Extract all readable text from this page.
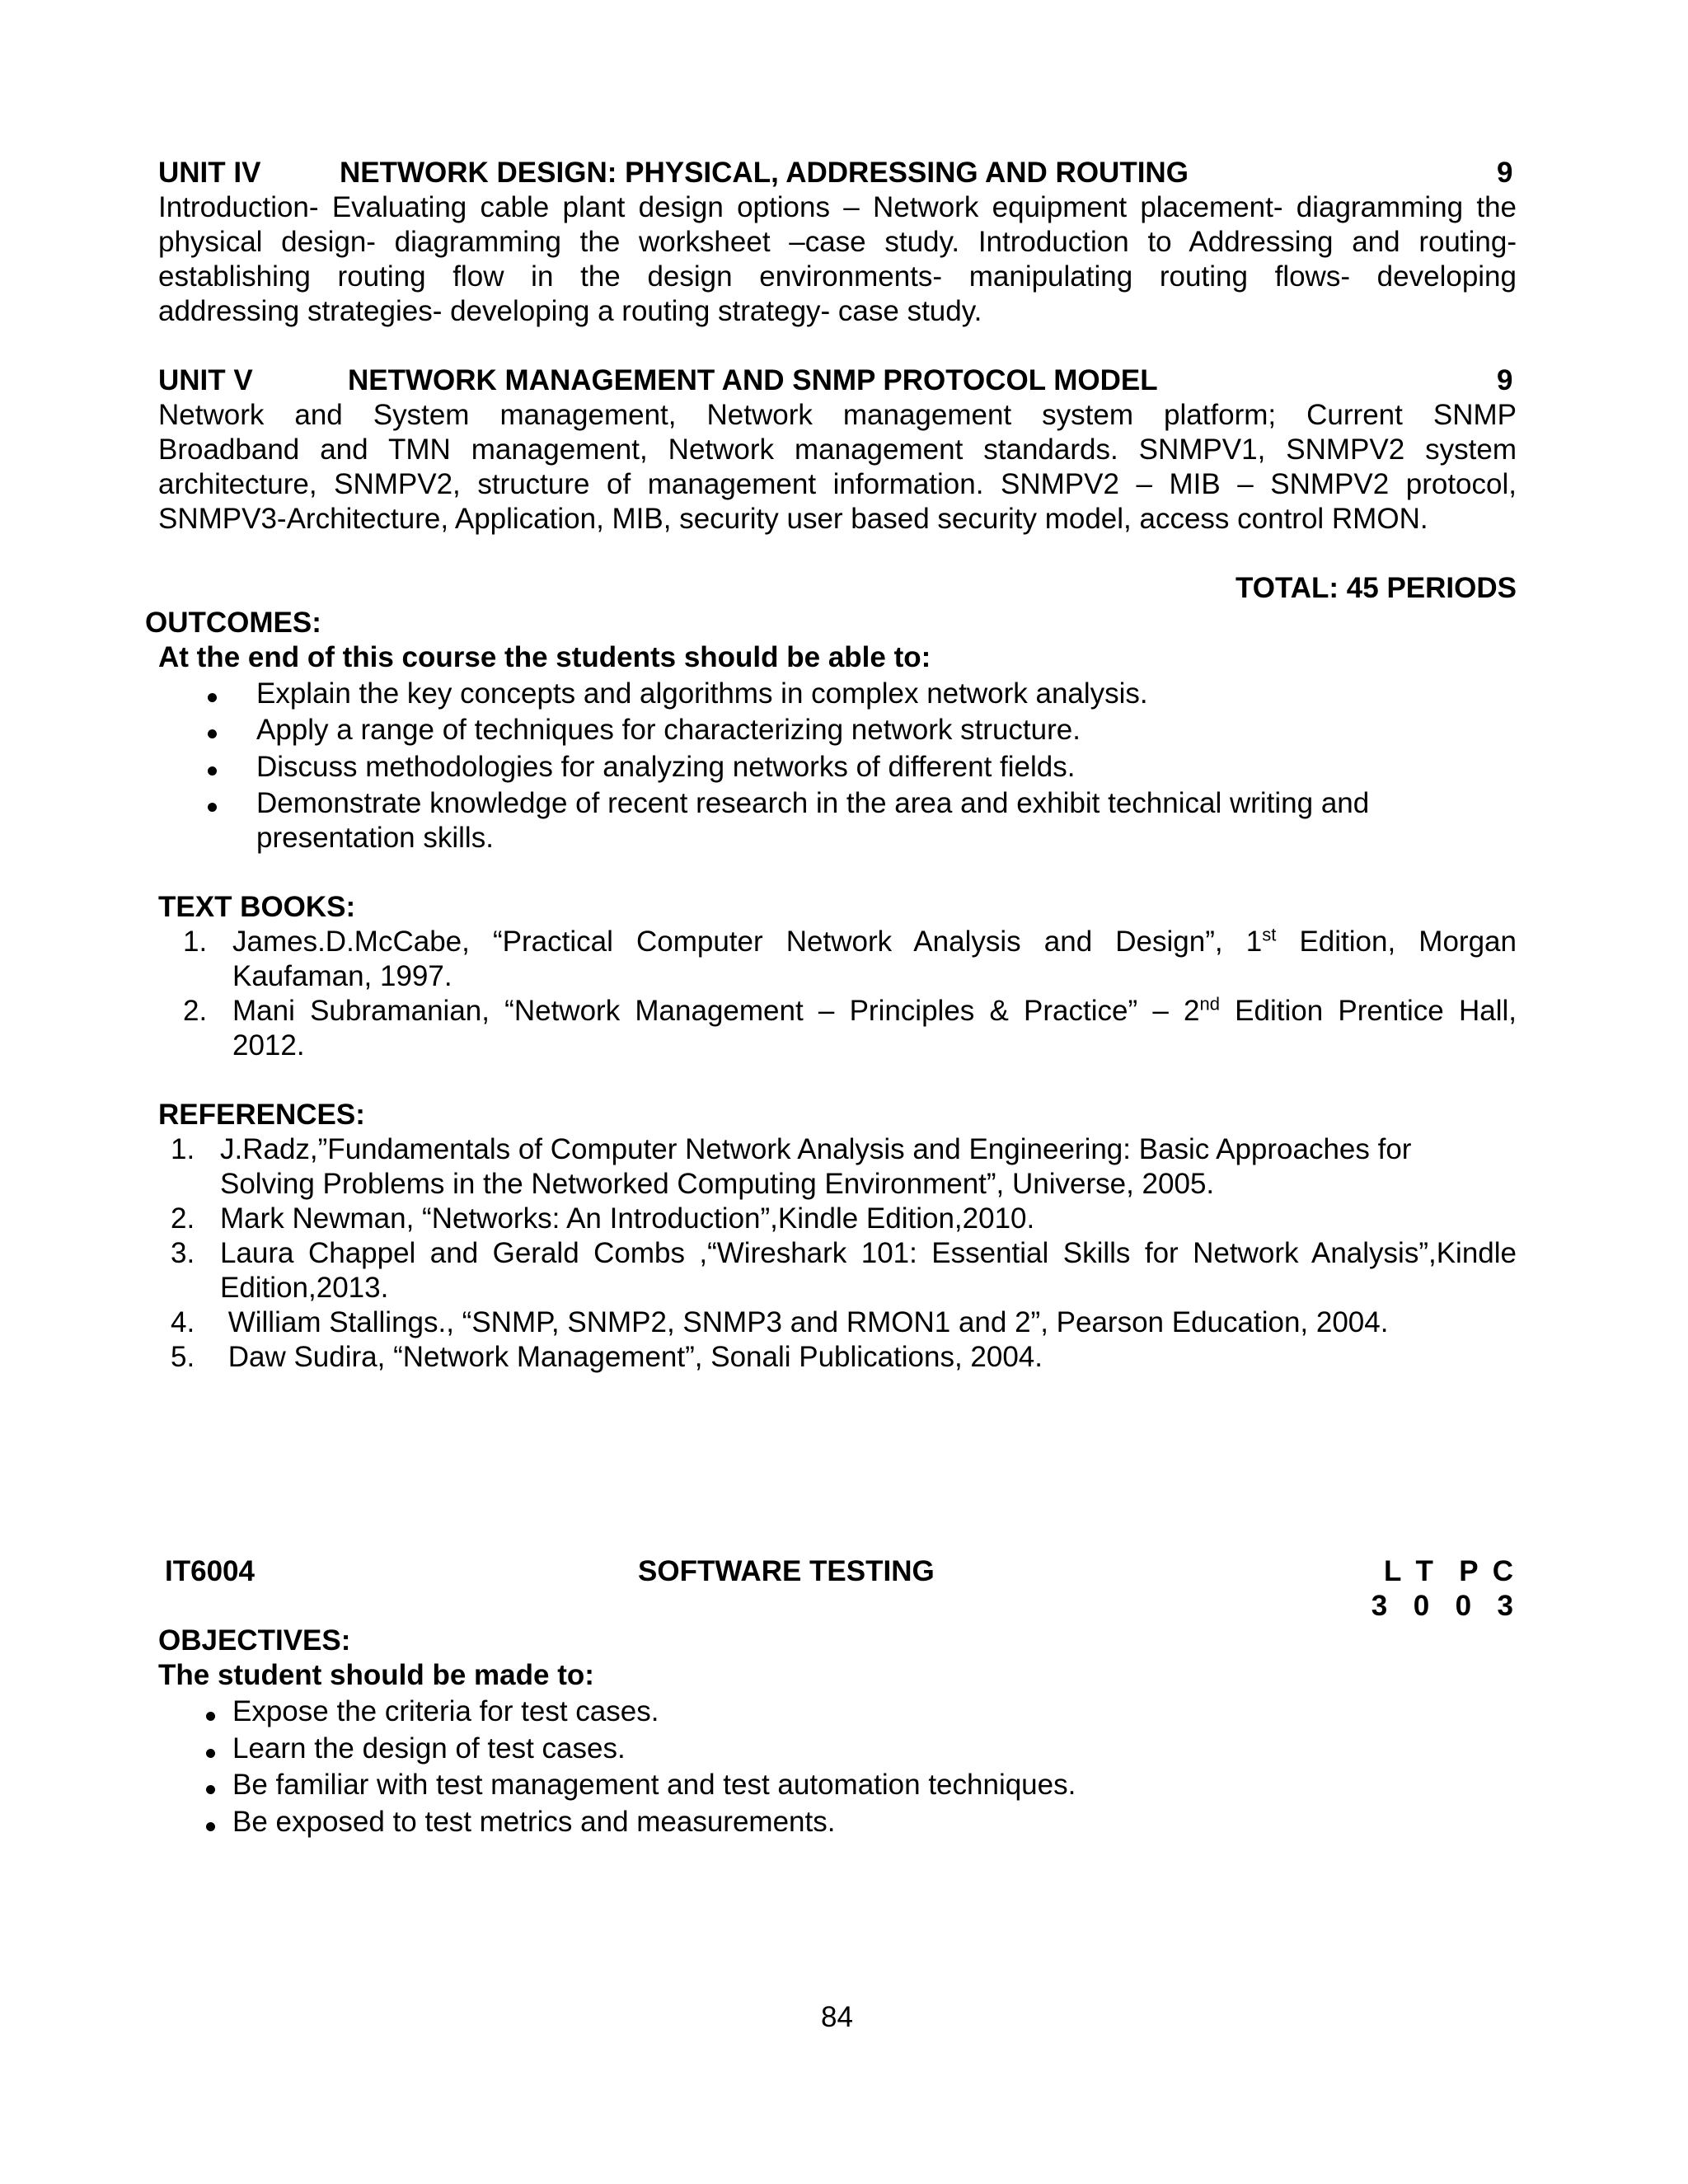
UNIT IV	NETWORK DESIGN: PHYSICAL, ADDRESSING AND ROUTING	9
Introduction- Evaluating cable plant design options – Network equipment placement- diagramming the
physical design- diagramming the worksheet –case study. Introduction to Addressing and routing-
establishing routing flow in the design environments- manipulating routing flows- developing
addressing strategies- developing a routing strategy- case study.
UNIT V	NETWORK MANAGEMENT AND SNMP PROTOCOL MODEL	9
Network and System management, Network management system platform; Current SNMP
Broadband and TMN management, Network management standards. SNMPV1, SNMPV2 system
architecture, SNMPV2, structure of management information. SNMPV2 – MIB – SNMPV2 protocol,
SNMPV3-Architecture, Application, MIB, security user based security model, access control RMON.
TOTAL: 45 PERIODS
OUTCOMES:
At the end of this course the students should be able to:
Explain the key concepts and algorithms in complex network analysis.
Apply a range of techniques for characterizing network structure.
Discuss methodologies for analyzing networks of different fields.
Demonstrate knowledge of recent research in the area and exhibit technical writing and
presentation skills.
TEXT BOOKS:
1. James.D.McCabe, “Practical Computer Network Analysis and Design”, 1st Edition, Morgan
Kaufaman, 1997.
2. Mani Subramanian, “Network Management – Principles & Practice” – 2nd Edition Prentice Hall,
2012.
REFERENCES:
1. J.Radz,”Fundamentals of Computer Network Analysis and Engineering: Basic Approaches for
Solving Problems in the Networked Computing Environment”, Universe, 2005.
2. Mark Newman, “Networks: An Introduction”,Kindle Edition,2010.
3. Laura Chappel and Gerald Combs ,“Wireshark 101: Essential Skills for Network Analysis”,Kindle
Edition,2013.
4. William Stallings., “SNMP, SNMP2, SNMP3 and RMON1 and 2”, Pearson Education, 2004.
5. Daw Sudira, “Network Management”, Sonali Publications, 2004.
IT6004	SOFTWARE TESTING	L T  P C
3  0  0  3
OBJECTIVES:
The student should be made to:
Expose the criteria for test cases.
Learn the design of test cases.
Be familiar with test management and test automation techniques.
Be exposed to test metrics and measurements.
84
